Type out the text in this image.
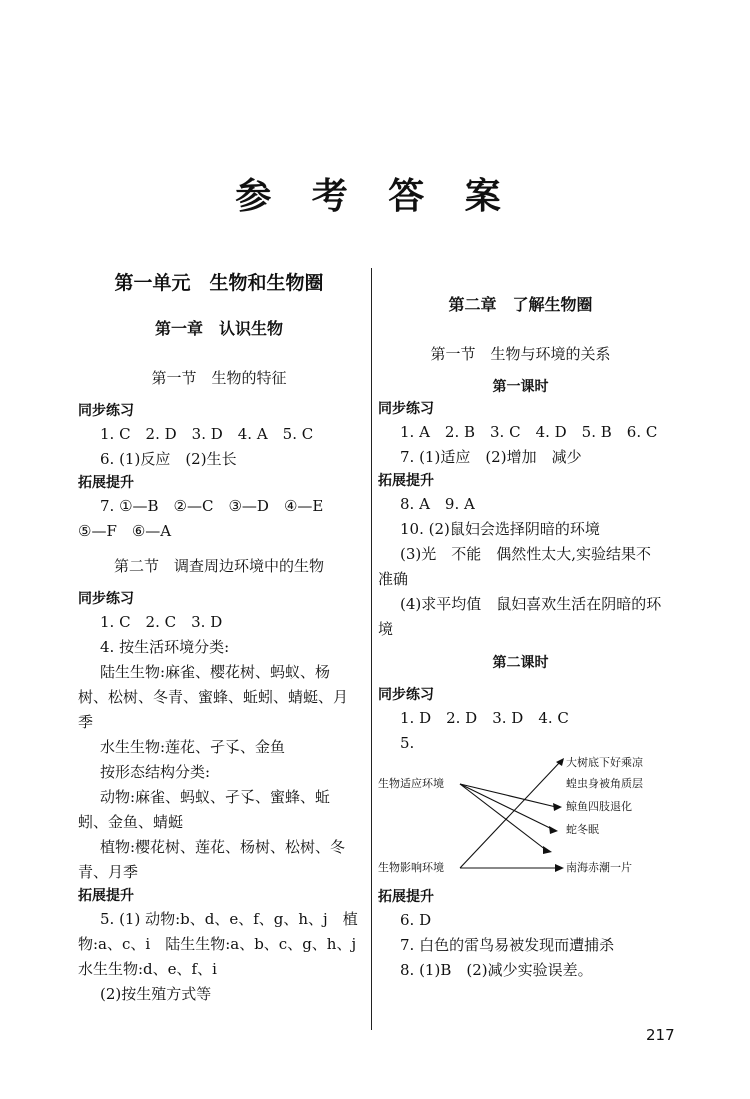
参 考 答 案
第一单元　生物和生物圈
第一章　认识生物
第一节　生物的特征
同步练习
1. C　2. D　3. D　4. A　5. C
6. (1)反应　(2)生长
拓展提升
7. ①—B　②—C　③—D　④—E
⑤—F　⑥—A
第二节　调查周边环境中的生物
同步练习
1. C　2. C　3. D
4. 按生活环境分类:
陆生生物:麻雀、樱花树、蚂蚁、杨树、松树、冬青、蜜蜂、蚯蚓、蜻蜓、月季
水生生物:莲花、孑孓、金鱼
按形态结构分类:
动物:麻雀、蚂蚁、孑孓、蜜蜂、蚯蚓、金鱼、蜻蜓
植物:樱花树、莲花、杨树、松树、冬青、月季
拓展提升
5. (1) 动物:b、d、e、f、g、h、j　植物:a、c、i　陆生生物:a、b、c、g、h、j　水生生物:d、e、f、i
(2)按生殖方式等
第二章　了解生物圈
第一节　生物与环境的关系
第一课时
同步练习
1. A　2. B　3. C　4. D　5. B　6. C
7. (1)适应　(2)增加　减少
拓展提升
8. A　9. A
10. (2)鼠妇会选择阴暗的环境
(3)光　不能　偶然性太大,实验结果不准确
(4)求平均值　鼠妇喜欢生活在阴暗的环境
第二课时
同步练习
1. D　2. D　3. D　4. C
5.
生物适应环境
生物影响环境
大树底下好乘凉
蝗虫身被角质层
鲸鱼四肢退化
蛇冬眠
南海赤潮一片
拓展提升
6. D
7. 白色的雷鸟易被发现而遭捕杀
8. (1)B　(2)减少实验误差。
217
